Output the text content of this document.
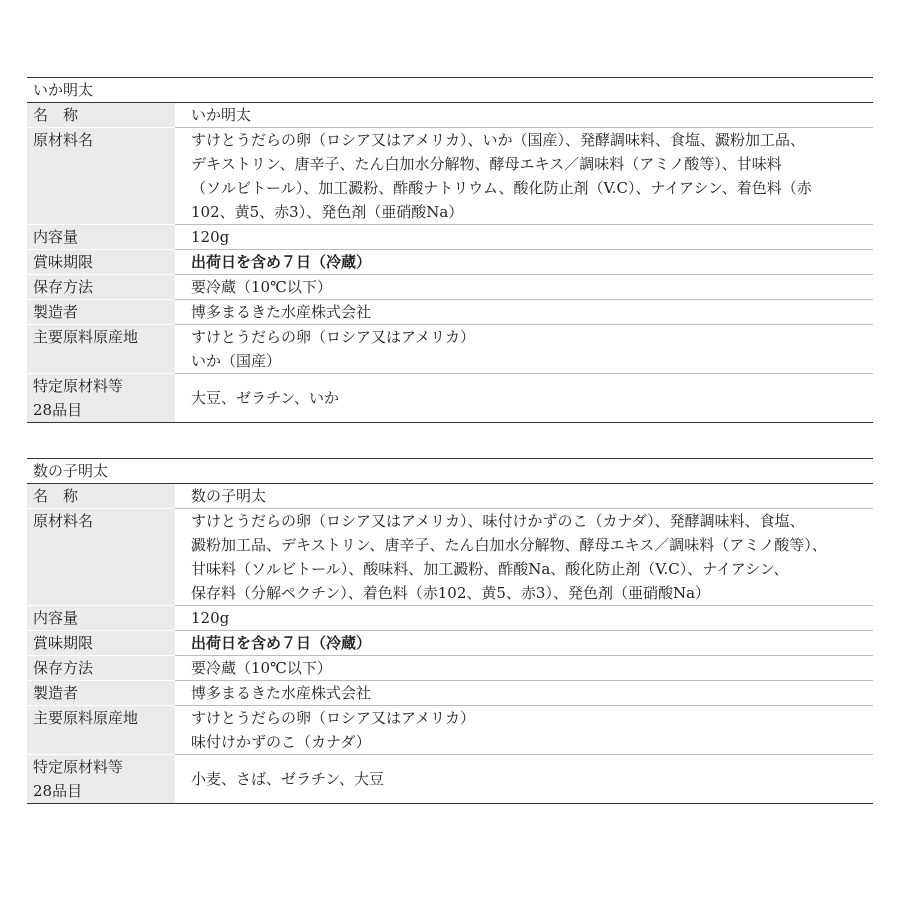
いか明太	
名　称	いか明太
原材料名	すけとうだらの卵（ロシア又はアメリカ）、いか（国産）、発酵調味料、食塩、澱粉加工品、
デキストリン、唐辛子、たん白加水分解物、酵母エキス／調味料（アミノ酸等）、甘味料
（ソルビトール）、加工澱粉、酢酸ナトリウム、酸化防止剤（V.C）、ナイアシン、着色料（赤
102、黄5、赤3）、発色剤（亜硝酸Na）

内容量	120g
賞味期限	出荷日を含め７日（冷蔵）
保存方法	要冷蔵（10℃以下）
製造者	博多まるきた水産株式会社
主要原料原産地	すけとうだらの卵（ロシア又はアメリカ）
いか（国産）

特定原材料等
28品目	大豆、ゼラチン、いか
数の子明太	
名　称	数の子明太
原材料名	すけとうだらの卵（ロシア又はアメリカ）、味付けかずのこ（カナダ）、発酵調味料、食塩、
澱粉加工品、デキストリン、唐辛子、たん白加水分解物、酵母エキス／調味料（アミノ酸等）、
甘味料（ソルビトール）、酸味料、加工澱粉、酢酸Na、酸化防止剤（V.C）、ナイアシン、
保存料（分解ペクチン）、着色料（赤102、黄5、赤3）、発色剤（亜硝酸Na）

内容量	120g
賞味期限	出荷日を含め７日（冷蔵）
保存方法	要冷蔵（10℃以下）
製造者	博多まるきた水産株式会社
主要原料原産地	すけとうだらの卵（ロシア又はアメリカ）
味付けかずのこ（カナダ）

特定原材料等
28品目	小麦、さば、ゼラチン、大豆
